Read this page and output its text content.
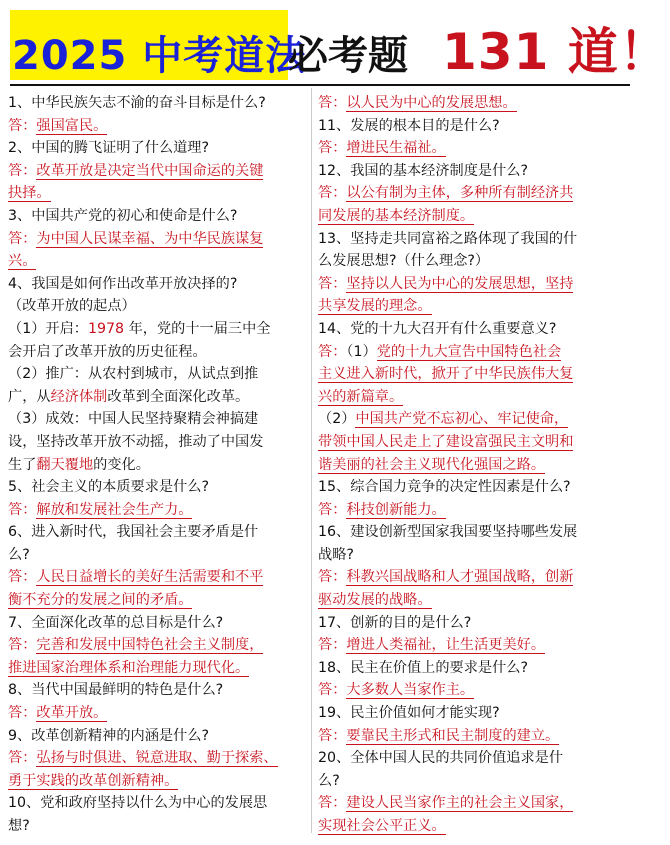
2025 中考道法
必考题 131 道！
1、中华民族矢志不渝的奋斗目标是什么?
答：强国富民。
2、中国的腾飞证明了什么道理?
答：改革开放是决定当代中国命运的关键
抉择。
3、中国共产党的初心和使命是什么?
答：为中国人民谋幸福、为中华民族谋复
兴。
4、我国是如何作出改革开放决择的?
（改革开放的起点）
（1）开启：1978 年，党的十一届三中全
会开启了改革开放的历史征程。
（2）推广：从农村到城市，从试点到推
广，从经济体制改革到全面深化改革。
（3）成效：中国人民坚持聚精会神搞建
设，坚持改革开放不动摇，推动了中国发
生了翻天覆地的变化。
5、社会主义的本质要求是什么?
答：解放和发展社会生产力。
6、进入新时代，我国社会主要矛盾是什
么?
答：人民日益增长的美好生活需要和不平
衡不充分的发展之间的矛盾。
7、全面深化改革的总目标是什么?
答：完善和发展中国特色社会主义制度，
推进国家治理体系和治理能力现代化。
8、当代中国最鲜明的特色是什么?
答：改革开放。
9、改革创新精神的内涵是什么?
答：弘扬与时俱进、锐意进取、勤于探索、
勇于实践的改革创新精神。
10、党和政府坚持以什么为中心的发展思
想?
答：以人民为中心的发展思想。
11、发展的根本目的是什么?
答：增进民生福祉。
12、我国的基本经济制度是什么?
答：以公有制为主体，多种所有制经济共
同发展的基本经济制度。
13、坚持走共同富裕之路体现了我国的什
么发展思想?（什么理念?）
答：坚持以人民为中心的发展思想，坚持
共享发展的理念。
14、党的十九大召开有什么重要意义?
答：（1）党的十九大宣告中国特色社会
主义进入新时代，掀开了中华民族伟大复
兴的新篇章。
（2）中国共产党不忘初心、牢记使命，
带领中国人民走上了建设富强民主文明和
谐美丽的社会主义现代化强国之路。
15、综合国力竞争的决定性因素是什么?
答：科技创新能力。
16、建设创新型国家我国要坚持哪些发展
战略?
答：科教兴国战略和人才强国战略，创新
驱动发展的战略。
17、创新的目的是什么?
答：增进人类福祉，让生活更美好。
18、民主在价值上的要求是什么?
答：大多数人当家作主。
19、民主价值如何才能实现?
答：要靠民主形式和民主制度的建立。
20、全体中国人民的共同价值追求是什
么?
答：建设人民当家作主的社会主义国家，
实现社会公平正义。
